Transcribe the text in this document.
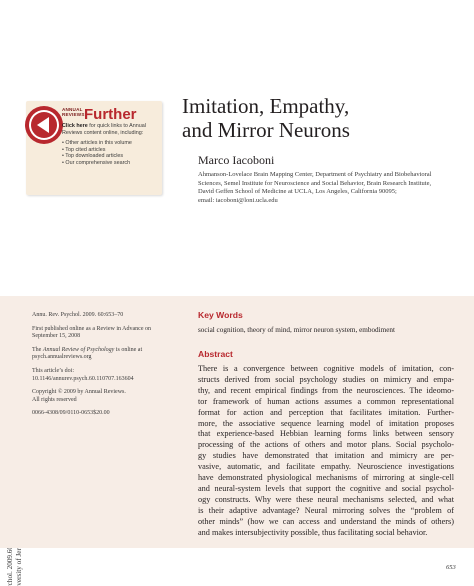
ANNUAL
REVIEWS Further
Click here for quick links to Annual Reviews content online, including:
• Other articles in this volume
• Top cited articles
• Top downloaded articles
• Our comprehensive search
Imitation, Empathy,
and Mirror Neurons
Marco Iacoboni
Ahmanson-Lovelace Brain Mapping Center, Department of Psychiatry and Biobehavioral
Sciences, Semel Institute for Neuroscience and Social Behavior, Brain Research Institute,
David Geffen School of Medicine at UCLA, Los Angeles, California 90095;
email: iacoboni@loni.ucla.edu
Annu. Rev. Psychol. 2009. 60:653–70
First published online as a Review in Advance on
September 15, 2008
The Annual Review of Psychology is online at
psych.annualreviews.org
This article’s doi:
10.1146/annurev.psych.60.110707.163604
Copyright © 2009 by Annual Reviews.
All rights reserved
0066-4308/09/0110-0653$20.00
Key Words
social cognition, theory of mind, mirror neuron system, embodiment
Abstract
There is a convergence between cognitive models of imitation, con-
structs derived from social psychology studies on mimicry and empa-
thy, and recent empirical findings from the neurosciences. The ideomo-
tor framework of human actions assumes a common representational
format for action and perception that facilitates imitation. Further-
more, the associative sequence learning model of imitation proposes
that experience-based Hebbian learning forms links between sensory
processing of the actions of others and motor plans. Social psycholo-
gy studies have demonstrated that imitation and mimicry are per-
vasive, automatic, and facilitate empathy. Neuroscience investigations
have demonstrated physiological mechanisms of mirroring at single-cell
and neural-system levels that support the cognitive and social psychol-
ogy constructs. Why were these neural mechanisms selected, and what
is their adaptive advantage? Neural mirroring solves the “problem of
other minds” (how we can access and understand the minds of others)
and makes intersubjectivity possible, thus facilitating social behavior.
653
